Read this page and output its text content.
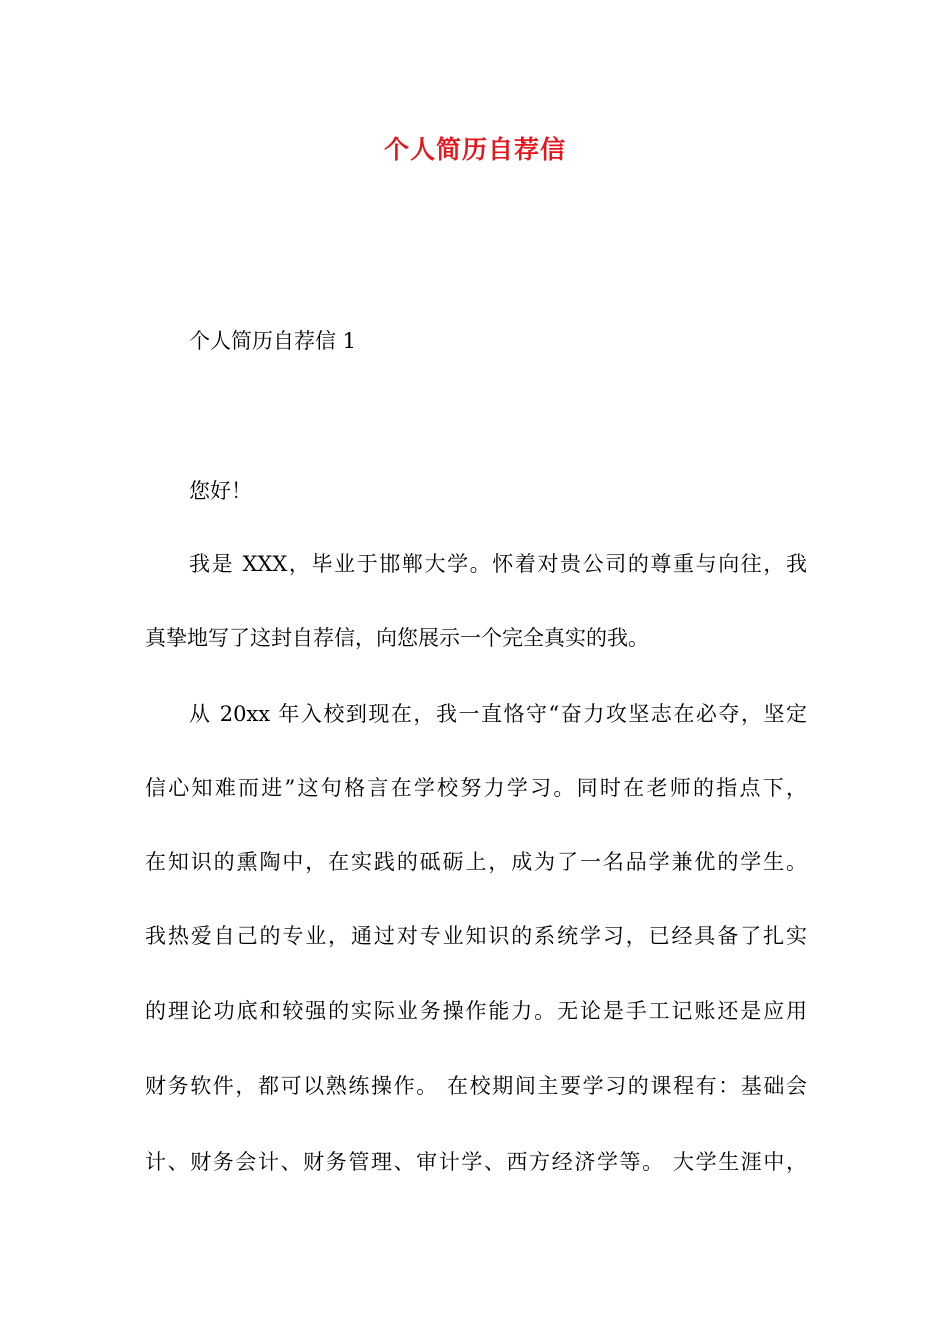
个人简历自荐信

个人简历自荐信 1

您好！

我是 XXX，毕业于邯郸大学。怀着对贵公司的尊重与向往，我

真挚地写了这封自荐信，向您展示一个完全真实的我。

从 20xx 年入校到现在，我一直恪守“奋力攻坚志在必夺，坚定

信心知难而进”这句格言在学校努力学习。同时在老师的指点下，

在知识的熏陶中，在实践的砥砺上，成为了一名品学兼优的学生。

我热爱自己的专业，通过对专业知识的系统学习，已经具备了扎实

的理论功底和较强的实际业务操作能力。无论是手工记账还是应用

财务软件，都可以熟练操作。 在校期间主要学习的课程有：基础会

计、财务会计、财务管理、审计学、西方经济学等。 大学生涯中，
